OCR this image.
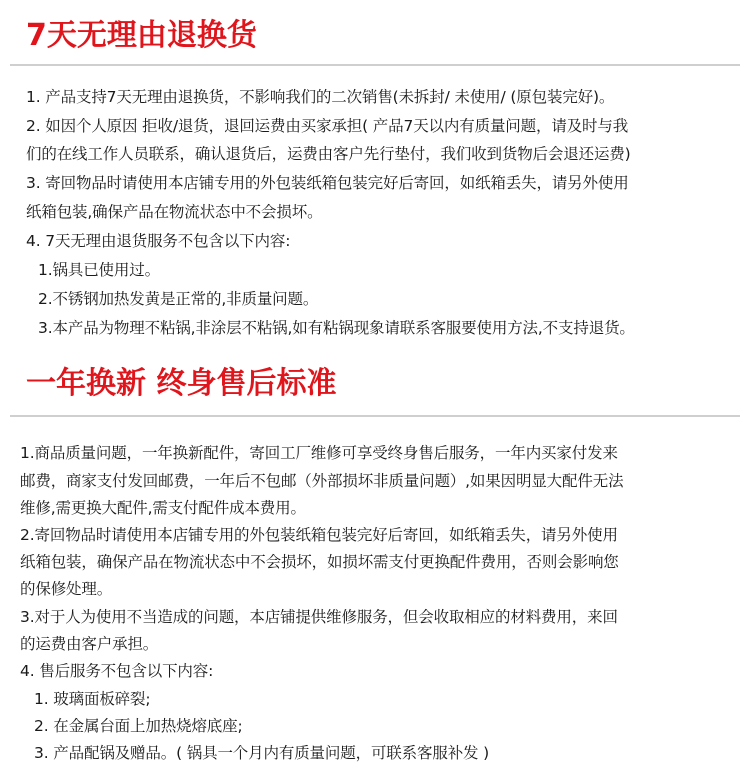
7天无理由退换货
1. 产品支持7天无理由退换货，不影响我们的二次销售(未拆封/ 未使用/ (原包装完好)。
2. 如因个人原因 拒收/退货，退回运费由买家承担( 产品7天以内有质量问题，请及时与我
们的在线工作人员联系，确认退货后，运费由客户先行垫付，我们收到货物后会退还运费)
3. 寄回物品时请使用本店铺专用的外包装纸箱包装完好后寄回，如纸箱丢失，请另外使用
纸箱包装,确保产品在物流状态中不会损坏。
4. 7天无理由退货服务不包含以下内容:
1.锅具已使用过。
2.不锈钢加热发黄是正常的,非质量问题。
3.本产品为物理不粘锅,非涂层不粘锅,如有粘锅现象请联系客服要使用方法,不支持退货。
一年换新 终身售后标准
1.商品质量问题，一年换新配件，寄回工厂维修可享受终身售后服务，一年内买家付发来
邮费，商家支付发回邮费，一年后不包邮（外部损坏非质量问题）,如果因明显大配件无法
维修,需更换大配件,需支付配件成本费用。
2.寄回物品时请使用本店铺专用的外包装纸箱包装完好后寄回，如纸箱丢失，请另外使用
纸箱包装，确保产品在物流状态中不会损坏，如损坏需支付更换配件费用，否则会影响您
的保修处理。
3.对于人为使用不当造成的问题，本店铺提供维修服务，但会收取相应的材料费用，来回
的运费由客户承担。
4. 售后服务不包含以下内容:
1. 玻璃面板碎裂;
2. 在金属台面上加热烧熔底座;
3. 产品配锅及赠品。( 锅具一个月内有质量问题，可联系客服补发 )
